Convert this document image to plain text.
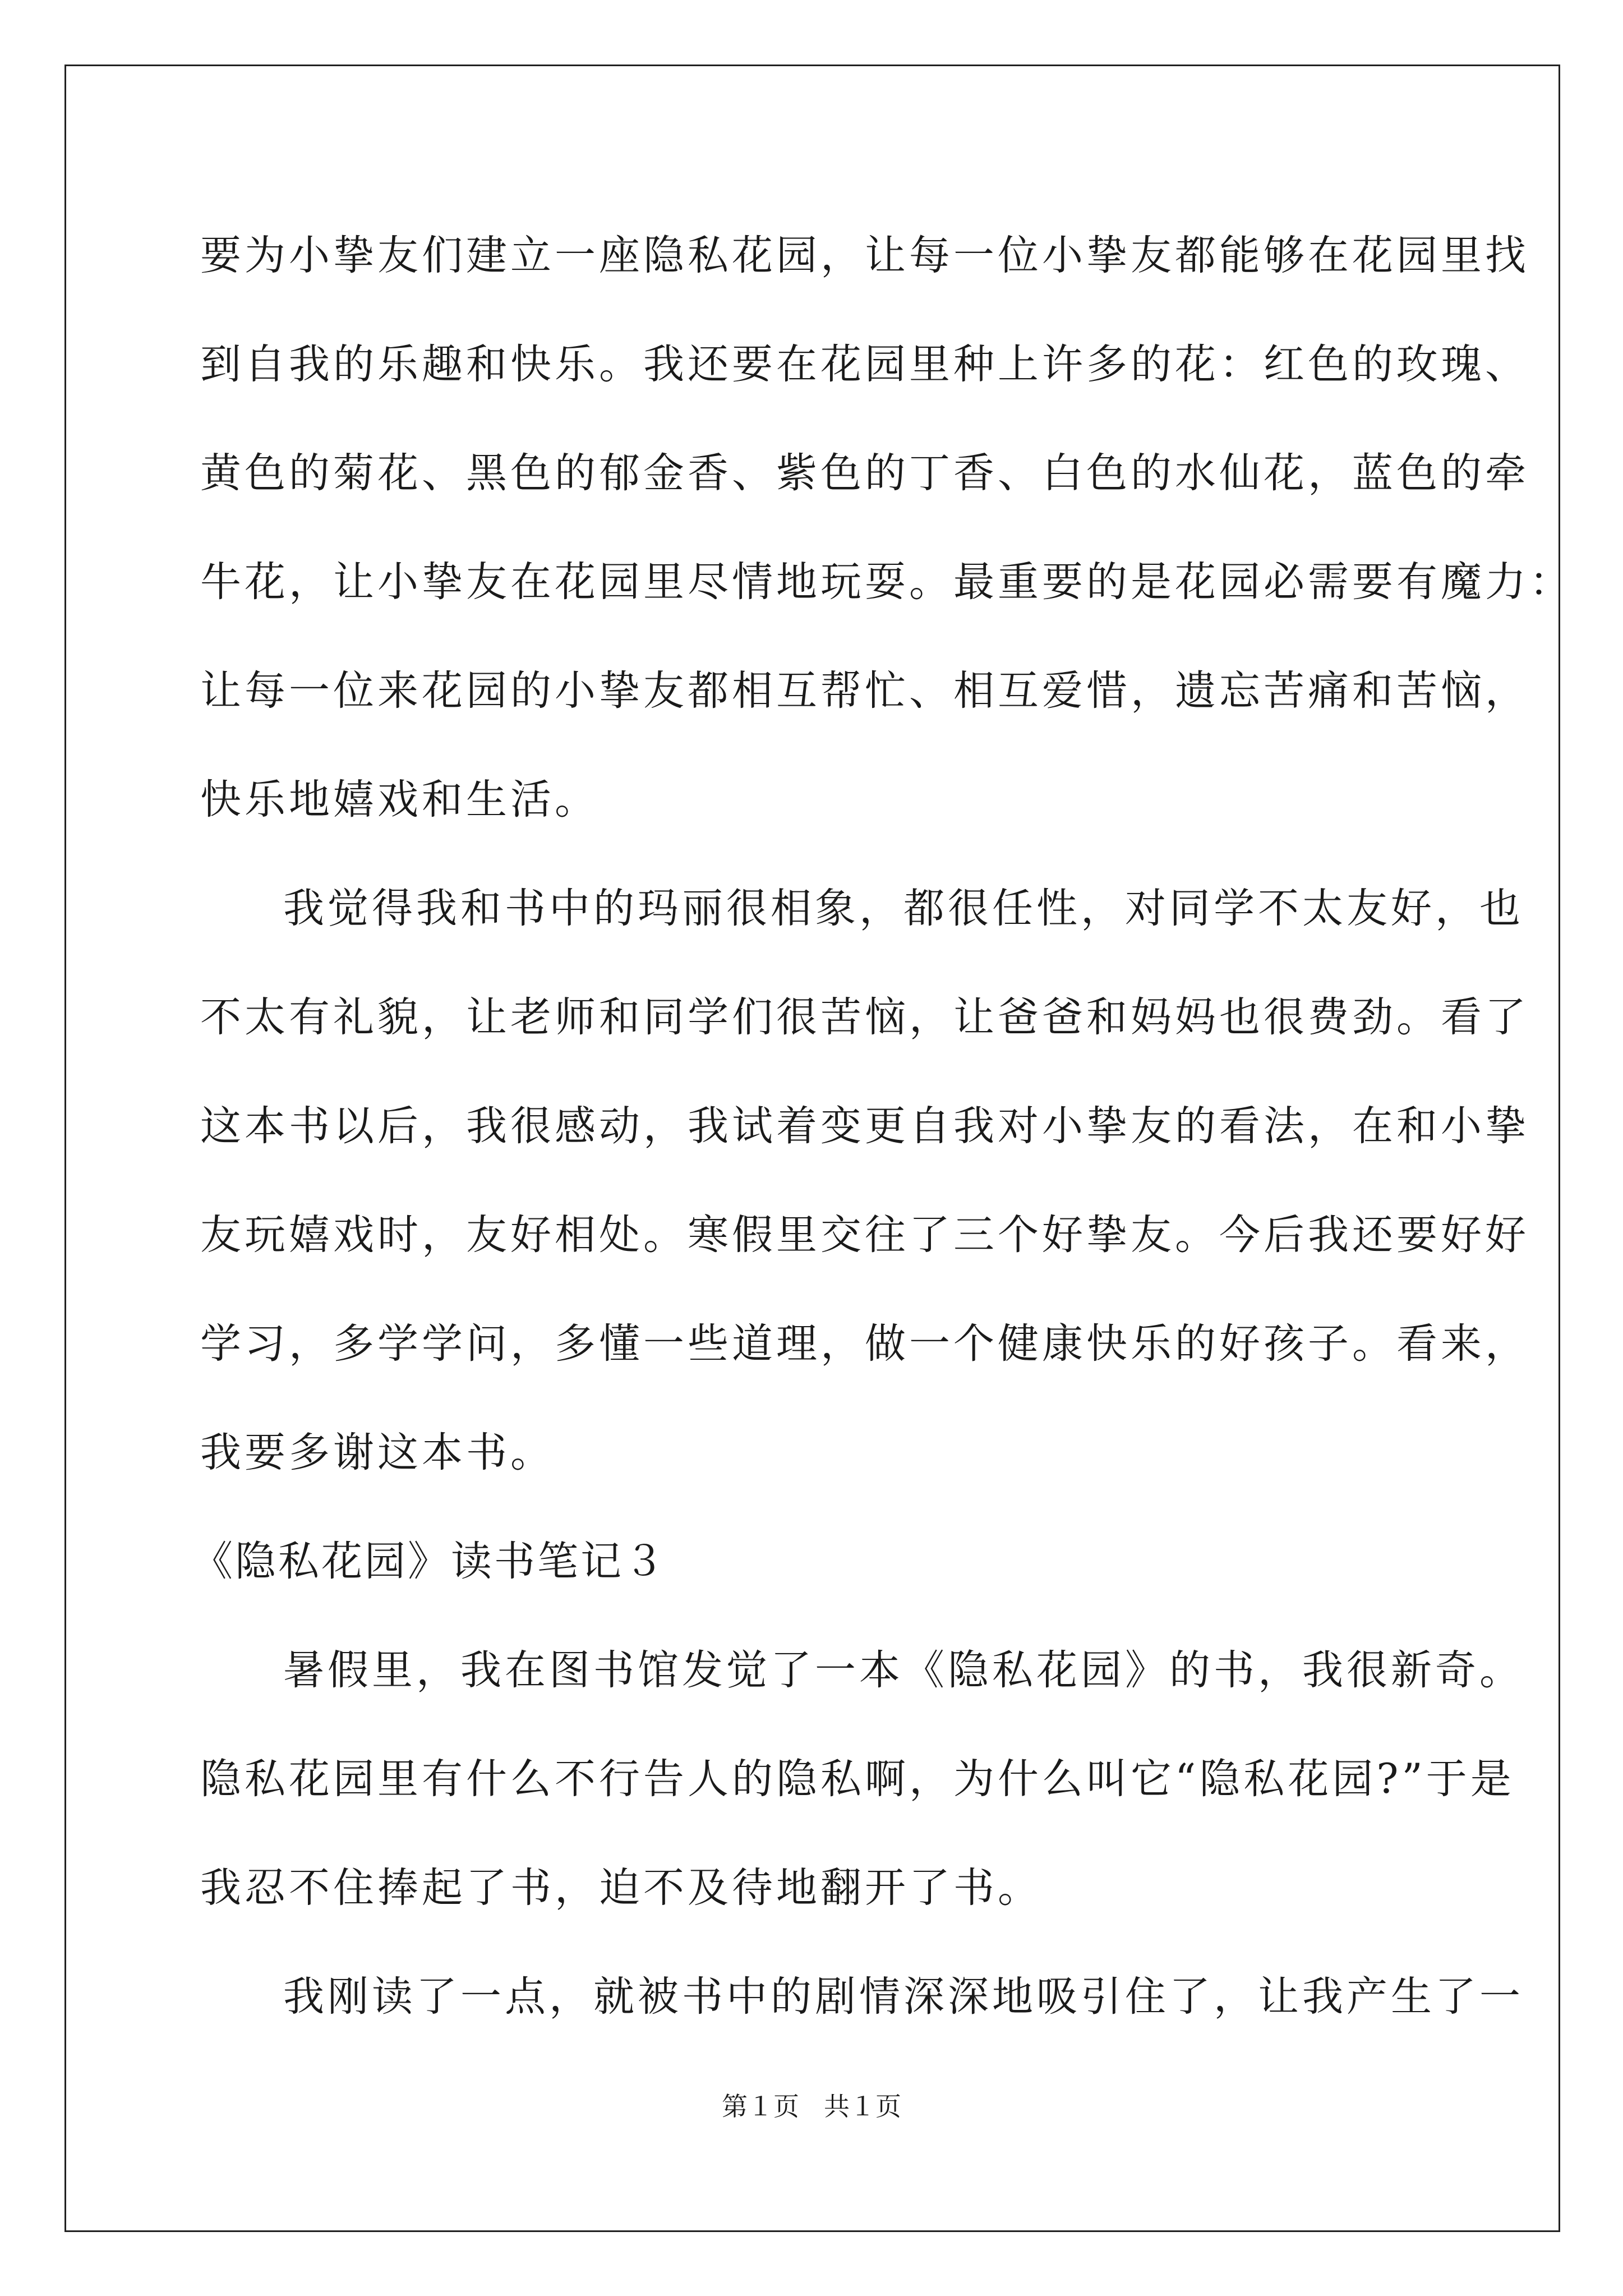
要为小挚友们建立一座隐私花园，让每一位小挚友都能够在花园里找
到自我的乐趣和快乐。我还要在花园里种上许多的花：红色的玫瑰、
黄色的菊花、黑色的郁金香、紫色的丁香、白色的水仙花，蓝色的牵
牛花，让小挚友在花园里尽情地玩耍。最重要的是花园必需要有魔力：
让每一位来花园的小挚友都相互帮忙、相互爱惜，遗忘苦痛和苦恼，
快乐地嬉戏和生活。
我觉得我和书中的玛丽很相象，都很任性，对同学不太友好，也
不太有礼貌，让老师和同学们很苦恼，让爸爸和妈妈也很费劲。看了
这本书以后，我很感动，我试着变更自我对小挚友的看法，在和小挚
友玩嬉戏时，友好相处。寒假里交往了三个好挚友。今后我还要好好
学习，多学学问，多懂一些道理，做一个健康快乐的好孩子。看来，
我要多谢这本书。
《隐私花园》读书笔记３
暑假里，我在图书馆发觉了一本《隐私花园》的书，我很新奇。
隐私花园里有什么不行告人的隐私啊，为什么叫它“隐私花园?”于是
我忍不住捧起了书，迫不及待地翻开了书。
我刚读了一点，就被书中的剧情深深地吸引住了，让我产生了一
第１页 共１页
